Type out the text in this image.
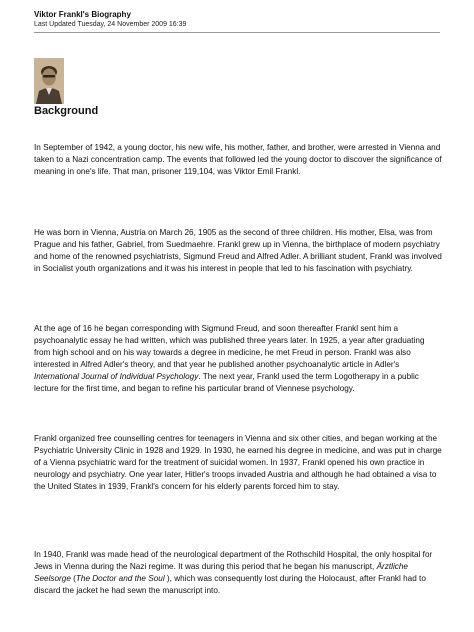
Viktor Frankl's Biography

Last Updated Tuesday, 24 November 2009 16:39

Background

In September of 1942, a young doctor, his new wife, his mother, father, and brother, were arrested in Vienna and taken to a Nazi concentration camp. The events that followed led the young doctor to discover the significance of meaning in one's life. That man, prisoner 119,104, was Viktor Emil Frankl.

He was born in Vienna, Austria on March 26, 1905 as the second of three children. His mother, Elsa, was from Prague and his father, Gabriel, from Suedmaehre. Frankl grew up in Vienna, the birthplace of modern psychiatry and home of the renowned psychiatrists, Sigmund Freud and Alfred Adler. A brilliant student, Frankl was involved in Socialist youth organizations and it was his interest in people that led to his fascination with psychiatry.

At the age of 16 he began corresponding with Sigmund Freud, and soon thereafter Frankl sent him a psychoanalytic essay he had written, which was published three years later. In 1925, a year after graduating from high school and on his way towards a degree in medicine, he met Freud in person. Frankl was also interested in Alfred Adler's theory, and that year he published another psychoanalytic article in Adler's International Journal of Individual Psychology. The next year, Frankl used the term Logotherapy in a public lecture for the first time, and began to refine his particular brand of Viennese psychology.

Frankl organized free counselling centres for teenagers in Vienna and six other cities, and began working at the Psychiatric University Clinic in 1928 and 1929. In 1930, he earned his degree in medicine, and was put in charge of a Vienna psychiatric ward for the treatment of suicidal women. In 1937, Frankl opened his own practice in neurology and psychiatry. One year later, Hitler's troops invaded Austria and although he had obtained a visa to the United States in 1939, Frankl's concern for his elderly parents forced him to stay.

In 1940, Frankl was made head of the neurological department of the Rothschild Hospital, the only hospital for Jews in Vienna during the Nazi regime. It was during this period that he began his manuscript, Ärztliche Seelsorge (The Doctor and the Soul ), which was consequently lost during the Holocaust, after Frankl had to discard the jacket he had sewn the manuscript into.
